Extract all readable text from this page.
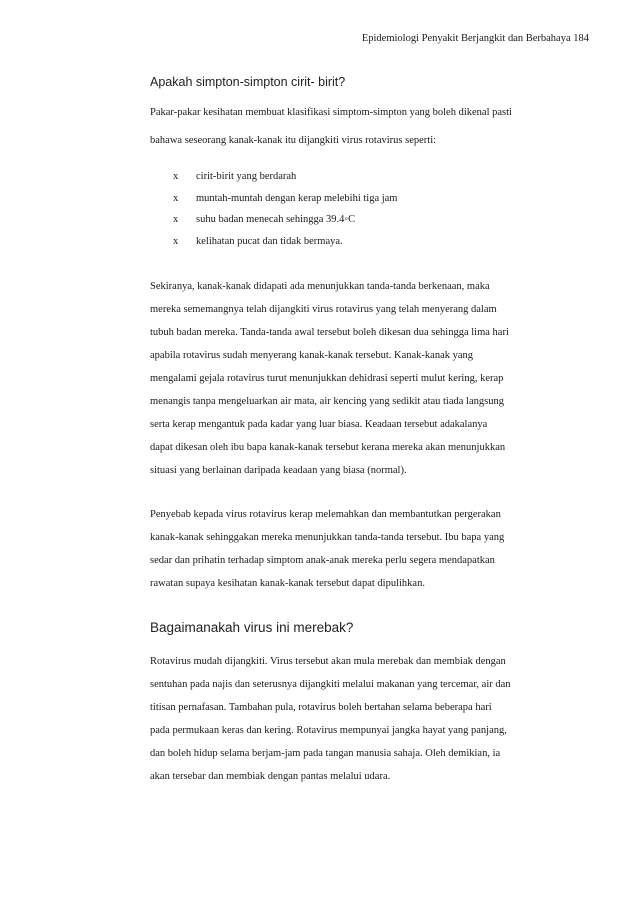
Epidemiologi Penyakit Berjangkit dan Berbahaya 184
Apakah simpton-simpton cirit- birit?
Pakar-pakar kesihatan membuat klasifikasi simptom-simpton yang boleh dikenal pasti
bahawa seseorang kanak-kanak itu dijangkiti virus rotavirus seperti:
x cirit-birit yang berdarah
x muntah-muntah dengan kerap melebihi tiga jam
x suhu badan menecah sehingga 39.4◦C
x kelihatan pucat dan tidak bermaya.
Sekiranya, kanak-kanak didapati ada menunjukkan tanda-tanda berkenaan, maka
mereka sememangnya telah dijangkiti virus rotavirus yang telah menyerang dalam
tubuh badan mereka. Tanda-tanda awal tersebut boleh dikesan dua sehingga lima hari
apabila rotavirus sudah menyerang kanak-kanak tersebut. Kanak-kanak yang
mengalami gejala rotavirus turut menunjukkan dehidrasi seperti mulut kering, kerap
menangis tanpa mengeluarkan air mata, air kencing yang sedikit atau tiada langsung
serta kerap mengantuk pada kadar yang luar biasa. Keadaan tersebut adakalanya
dapat dikesan oleh ibu bapa kanak-kanak tersebut kerana mereka akan menunjukkan
situasi yang berlainan daripada keadaan yang biasa (normal).
Penyebab kepada virus rotavirus kerap melemahkan dan membantutkan pergerakan
kanak-kanak sehinggakan mereka menunjukkan tanda-tanda tersebut. Ibu bapa yang
sedar dan prihatin terhadap simptom anak-anak mereka perlu segera mendapatkan
rawatan supaya kesihatan kanak-kanak tersebut dapat dipulihkan.
Bagaimanakah virus ini merebak?
Rotavirus mudah dijangkiti. Virus tersebut akan mula merebak dan membiak dengan
sentuhan pada najis dan seterusnya dijangkiti melalui makanan yang tercemar, air dan
titisan pernafasan. Tambahan pula, rotavirus boleh bertahan selama beberapa hari
pada permukaan keras dan kering. Rotavirus mempunyai jangka hayat yang panjang,
dan boleh hidup selama berjam-jam pada tangan manusia sahaja. Oleh demikian, ia
akan tersebar dan membiak dengan pantas melalui udara.
